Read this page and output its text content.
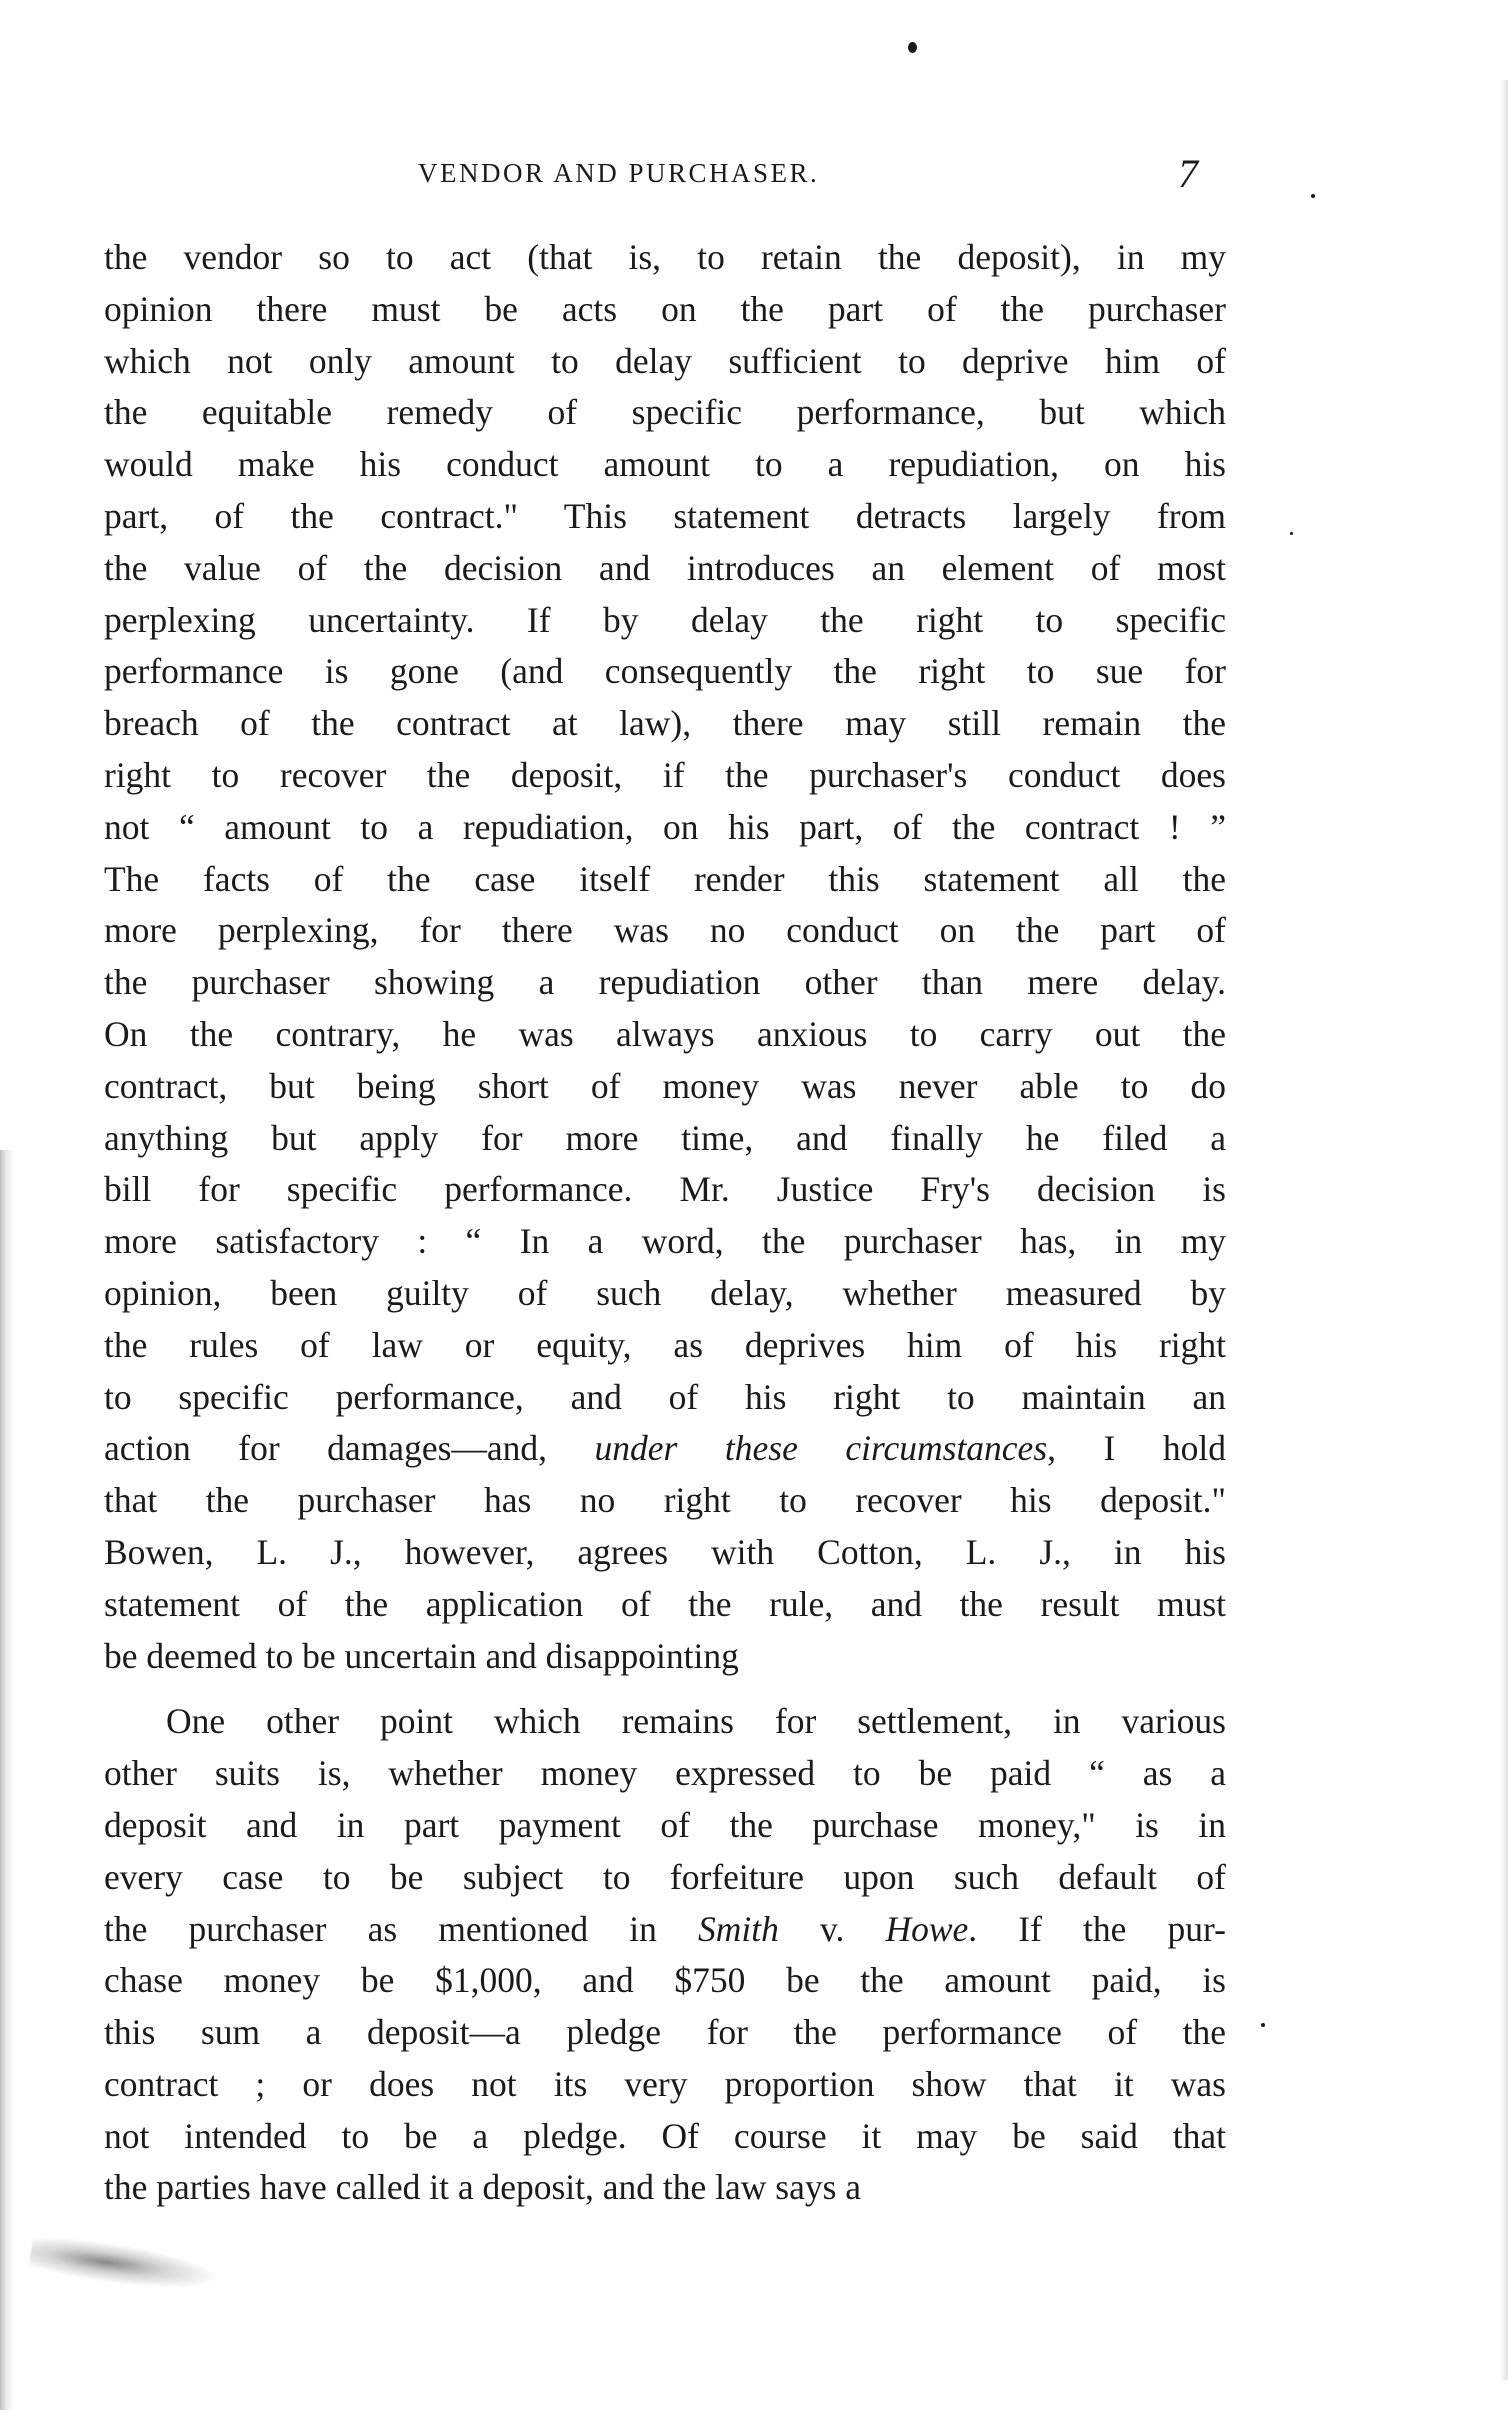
VENDOR AND PURCHASER.	7
the vendor so to act (that is, to retain the deposit), in my
opinion there must be acts on the part of the purchaser
which not only amount to delay sufficient to deprive him of
the equitable remedy of specific performance, but which
would make his conduct amount to a repudiation, on his
part, of the contract." This statement detracts largely from
the value of the decision and introduces an element of most
perplexing uncertainty. If by delay the right to specific
performance is gone (and consequently the right to sue for
breach of the contract at law), there may still remain the
right to recover the deposit, if the purchaser's conduct does
not “ amount to a repudiation, on his part, of the contract ! ”
The facts of the case itself render this statement all the
more perplexing, for there was no conduct on the part of
the purchaser showing a repudiation other than mere delay.
On the contrary, he was always anxious to carry out the
contract, but being short of money was never able to do
anything but apply for more time, and finally he filed a
bill for specific performance. Mr. Justice Fry's decision is
more satisfactory : “ In a word, the purchaser has, in my
opinion, been guilty of such delay, whether measured by
the rules of law or equity, as deprives him of his right
to specific performance, and of his right to maintain an
action for damages—and, under these circumstances, I hold
that the purchaser has no right to recover his deposit."
Bowen, L. J., however, agrees with Cotton, L. J., in his
statement of the application of the rule, and the result must
be deemed to be uncertain and disappointing
One other point which remains for settlement, in various
other suits is, whether money expressed to be paid “ as a
deposit and in part payment of the purchase money," is in
every case to be subject to forfeiture upon such default of
the purchaser as mentioned in Smith v. Howe. If the pur-
chase money be $1,000, and $750 be the amount paid, is
this sum a deposit—a pledge for the performance of the
contract ; or does not its very proportion show that it was
not intended to be a pledge. Of course it may be said that
the parties have called it a deposit, and the law says a
